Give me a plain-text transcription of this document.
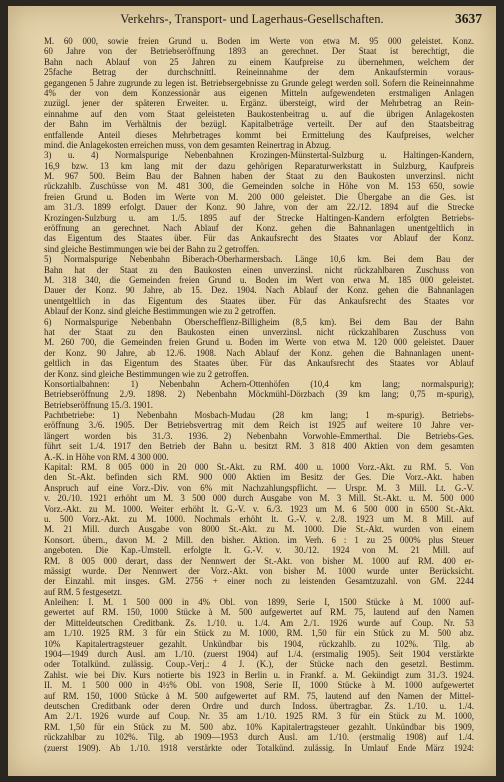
Verkehrs-, Transport- und Lagerhaus-Gesellschaften.	3637
M. 60 000, sowie freien Grund u. Boden im Werte von etwa M. 95 000 geleistet. Konz.
60 Jahre von der Betriebseröffnung 1893 an gerechnet. Der Staat ist berechtigt, die
Bahn nach Ablauf von 25 Jahren zu einem Kaufpreise zu übernehmen, welchem der
25fache Betrag der durchschnittl. Reineinnahme der dem Ankaufstermin voraus-
gegangenen 5 Jahre zugrunde zu legen ist. Betriebsergebnisse zu Grunde gelegt werden soll. Sofern die Reineinnahme
4% der von dem Konzessionär aus eigenen Mitteln aufgewendeten erstmaligen Anlagen
zuzügl. jener der späteren Erweiter. u. Ergänz. übersteigt, wird der Mehrbetrag an Rein-
einnahme auf den vom Staat geleisteten Baukostenbeitrag u. auf die übrigen Anlagekosten
der Bahn im Verhältnis der bezügl. Kapitalbeträge verteilt. Der auf den Staatsbeitrag
entfallende Anteil dieses Mehrbetrages kommt bei Ermittelung des Kaufpreises, welcher
mind. die Anlagekosten erreichen muss, von dem gesamten Reinertrag in Abzug.
3) u. 4) Normalspurige Nebenbahnen Krozingen-Münstertal-Sulzburg u. Haltingen-Kandern,
16,9 bzw. 13 km lang mit der dazu gehörigen Reparaturwerkstatt in Sulzburg, Kaufpreis
M. 967 500. Beim Bau der Bahnen haben der Staat zu den Baukosten unverzinsl. nicht
rückzahlb. Zuschüsse von M. 481 300, die Gemeinden solche in Höhe von M. 153 650, sowie
freien Grund u. Boden im Werte von M. 200 000 geleistet. Die Übergabe an die Ges. ist
am 31./3. 1899 erfolgt. Dauer der Konz. 90 Jahre, von der am 22./12. 1894 auf die Strecke
Krozingen-Sulzburg u. am 1./5. 1895 auf der Strecke Haltingen-Kandern erfolgten Betriebs-
eröffnung an gerechnet. Nach Ablauf der Konz. gehen die Bahnanlagen unentgeltlich in
das Eigentum des Staates über. Für das Ankaufsrecht des Staates vor Ablauf der Konz.
sind gleiche Bestimmungen wie bei der Bahn zu 2 getroffen.
5) Normalspurige Nebenbahn Biberach-Oberharmersbach. Länge 10,6 km. Bei dem Bau der
Bahn hat der Staat zu den Baukosten einen unverzinsl. nicht rückzahlbaren Zuschuss von
M. 318 340, die Gemeinden freien Grund u. Boden im Wert von etwa M. 185 000 geleistet.
Dauer der Konz. 90 Jahre, ab 15. Dez. 1904. Nach Ablauf der Konz. gehen die Bahnanlagen
unentgeltlich in das Eigentum des Staates über. Für das Ankaufsrecht des Staates vor
Ablauf der Konz. sind gleiche Bestimmungen wie zu 2 getroffen.
6) Normalspurige Nebenbahn Oberschefflenz-Billigheim (8,5 km). Bei dem Bau der Bahn
hat der Staat zu den Baukosten einen unverzinsl. nicht rückzahlbaren Zuschuss von
M. 260 700, die Gemeinden freien Grund u. Boden im Werte von etwa M. 120 000 geleistet. Dauer
der Konz. 90 Jahre, ab 12./6. 1908. Nach Ablauf der Konz. gehen die Bahnanlagen unent-
geltlich in das Eigentum des Staates über. Für das Ankaufsrecht des Staates vor Ablauf
der Konz. sind gleiche Bestimmungen wie zu 2 getroffen.
Konsortialbahnen: 1) Nebenbahn Achern-Ottenhöfen (10,4 km lang; normalspurig);
Betriebseröffnung 2./9. 1898. 2) Nebenbahn Möckmühl-Dörzbach (39 km lang; 0,75 m-spurig),
Betriebseröffnung 15./3. 1901.
Pachtbetriebe: 1) Nebenbahn Mosbach-Mudau (28 km lang; 1 m-spurig). Betriebs-
eröffnung 3./6. 1905. Der Betriebsvertrag mit dem Reich ist 1925 auf weitere 10 Jahre ver-
längert worden bis 31./3. 1936. 2) Nebenbahn Vorwohle-Emmerthal. Die Betriebs-Ges.
führt seit 1./4. 1917 den Betrieb der Bahn u. besitzt RM. 3 818 400 Aktien von dem gesamten
A.-K. in Höhe von RM. 4 300 000.
Kapital: RM. 8 005 000 in 20 000 St.-Akt. zu RM. 400 u. 1000 Vorz.-Akt. zu RM. 5. Von
den St.-Akt. befinden sich RM. 900 000 Aktien im Besitz der Ges. Die Vorz.-Akt. haben
Anspruch auf eine Vorz.-Div. von 6% mit Nachzahlungspflicht. — Urspr. M. 3 Mill. Lt. G.-V.
v. 20./10. 1921 erhöht um M. 3 500 000 durch Ausgabe von M. 3 Mill. St.-Akt. u. M. 500 000
Vorz.-Akt. zu M. 1000. Weiter erhöht lt. G.-V. v. 6./3. 1923 um M. 6 500 000 in 6500 St.-Akt.
u. 500 Vorz.-Akt. zu M. 1000. Nochmals erhöht lt. G.-V. v. 2./8. 1923 um M. 8 Mill. auf
M. 21 Mill. durch Ausgabe von 8000 St.-Akt. zu M. 1000. Die St.-Akt. wurden von einem
Konsort. übern., davon M. 2 Mill. den bisher. Aktion. im Verh. 6 : 1 zu 25 000% plus Steuer
angeboten. Die Kap.-Umstell. erfolgte lt. G.-V. v. 30./12. 1924 von M. 21 Mill. auf
RM. 8 005 000 derart, dass der Nennwert der St.-Akt. von bisher M. 1000 auf RM. 400 er-
mässigt wurde. Der Nennwert der Vorz.-Akt. von bisher M. 1000 wurde unter Berücksicht.
der Einzahl. mit insges. GM. 2756 + einer noch zu leistenden Gesamtzuzahl. von GM. 2244
auf RM. 5 festgesetzt.
Anleihen: I. M. 1 500 000 in 4% Obl. von 1899, Serie I, 1500 Stücke à M. 1000 auf-
gewertet auf RM. 150, 1000 Stücke à M. 500 aufgewertet auf RM. 75, lautend auf den Namen
der Mitteldeutschen Creditbank. Zs. 1./10. u. 1./4. Am 2./1. 1926 wurde auf Coup. Nr. 53
am 1./10. 1925 RM. 3 für ein Stück zu M. 1000, RM. 1,50 für ein Stück zu M. 500 abz.
10% Kapitalertragsteuer gezahlt. Unkündbar bis 1904, rückzahlb. zu 102%. Tilg. ab
1904—1949 durch Ausl. am 1./10. (zuerst 1904) auf 1./4. (erstmalig 1905). Seit 1904 verstärkte
oder Totalkünd. zulässig. Coup.-Verj.: 4 J. (K.), der Stücke nach den gesetzl. Bestimm.
Zahlst. wie bei Div. Kurs notierte bis 1923 in Berlin u. in Frankf. a. M. Gekündigt zum 31./3. 1924.
II. M. 1 500 000 in 4½% Obl. von 1908, Serie II, 1000 Stücke à M. 1000 aufgewertet
auf RM. 150, 1000 Stücke à M. 500 aufgewertet auf RM. 75, lautend auf den Namen der Mittel-
deutschen Creditbank oder deren Ordre und durch Indoss. übertragbar. Zs. 1./10. u. 1./4.
Am 2./1. 1926 wurde auf Coup. Nr. 35 am 1./10. 1925 RM. 3 für ein Stück zu M. 1000,
RM. 1,50 für ein Stück zu M. 500 abz. 10% Kapitalertragsteuer gezahlt. Unkündbar bis 1909,
rückzahlbar zu 102%. Tilg. ab 1909—1953 durch Ausl. am 1./10. (erstmalig 1908) auf 1./4.
(zuerst 1909). Ab 1./10. 1918 verstärkte oder Totalkünd. zulässig. In Umlauf Ende März 1924:
